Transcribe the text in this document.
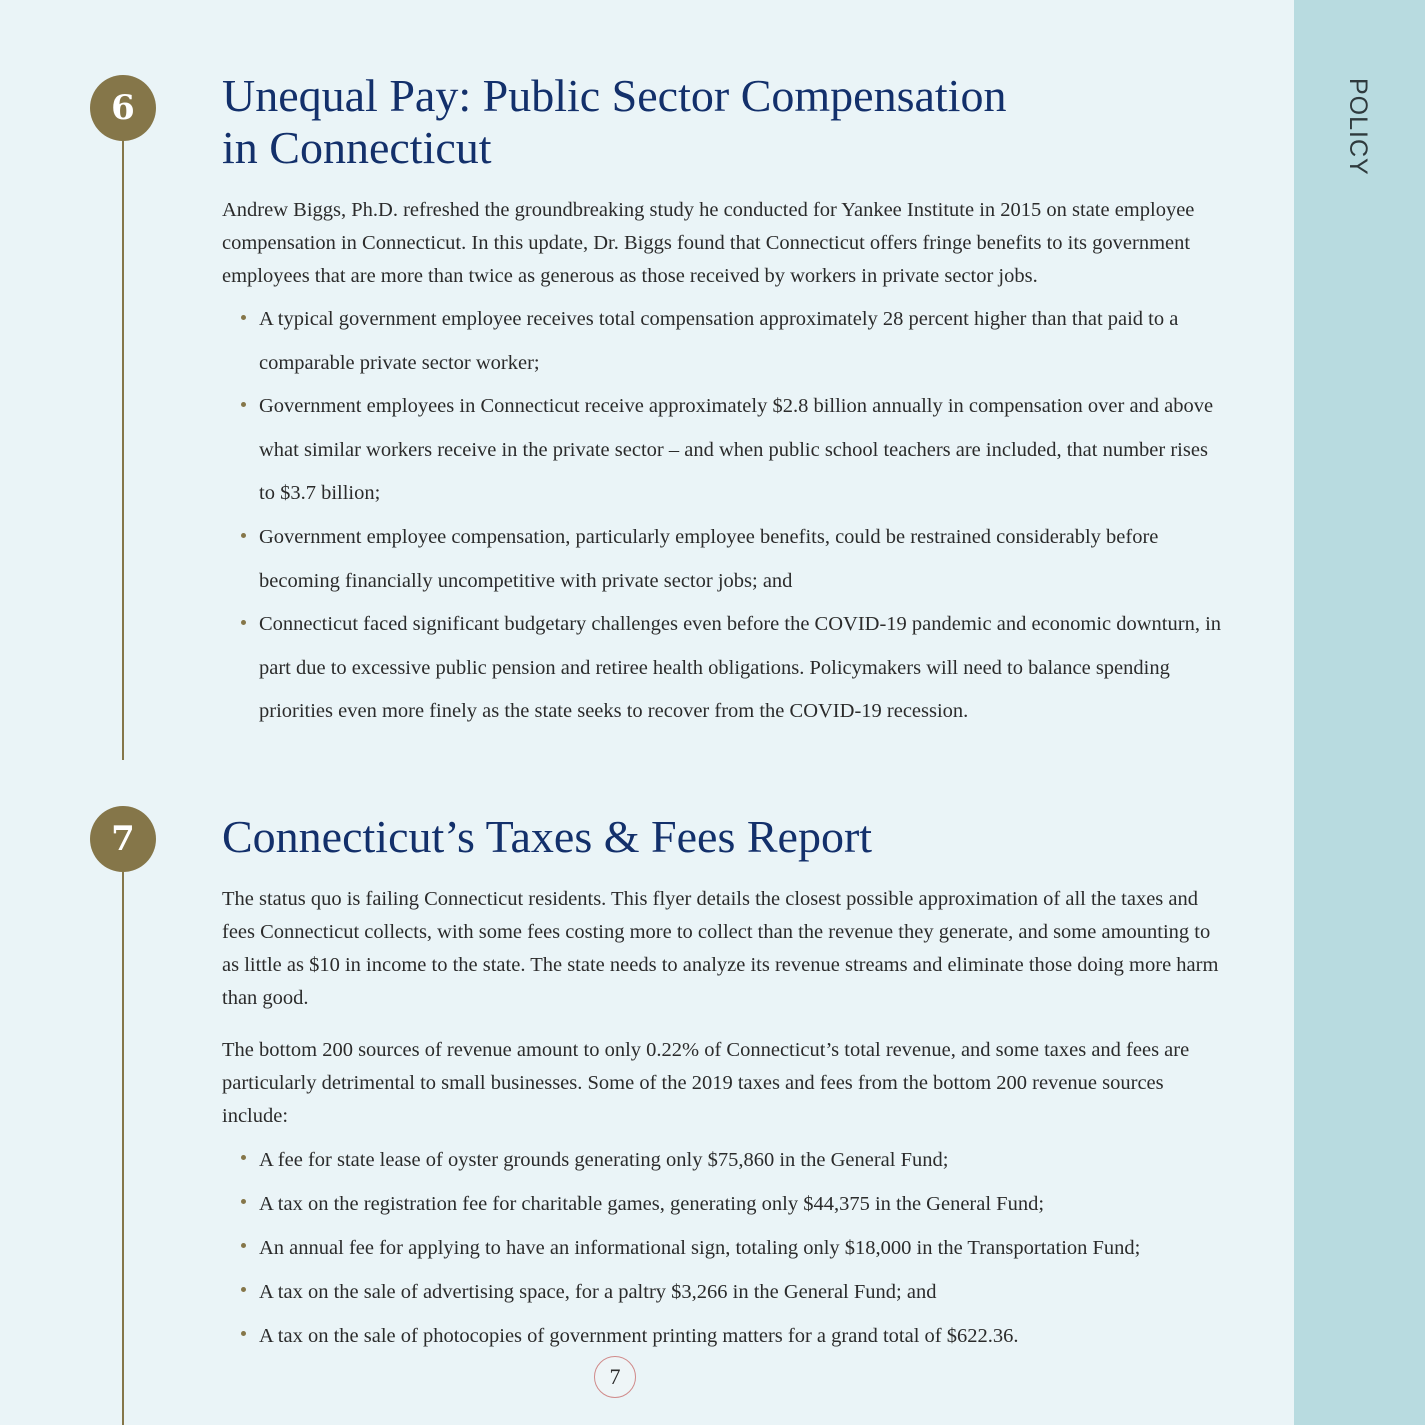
POLICY
6	Unequal Pay: Public Sector Compensation
in Connecticut

Andrew Biggs, Ph.D. refreshed the groundbreaking study he conducted for Yankee Institute in 2015 on state employee compensation in Connecticut. In this update, Dr. Biggs found that Connecticut offers fringe benefits to its government employees that are more than twice as generous as those received by workers in private sector jobs.

A typical government employee receives total compensation approximately 28 percent higher than that paid to a comparable private sector worker;
Government employees in Connecticut receive approximately $2.8 billion annually in compensation over and above what similar workers receive in the private sector – and when public school teachers are included, that number rises to $3.7 billion;
Government employee compensation, particularly employee benefits, could be restrained considerably before becoming financially uncompetitive with private sector jobs; and
Connecticut faced significant budgetary challenges even before the COVID-19 pandemic and economic downturn, in part due to excessive public pension and retiree health obligations. Policymakers will need to balance spending priorities even more finely as the state seeks to recover from the COVID-19 recession.
7	Connecticut’s Taxes & Fees Report

The status quo is failing Connecticut residents. This flyer details the closest possible approximation of all the taxes and fees Connecticut collects, with some fees costing more to collect than the revenue they generate, and some amounting to as little as $10 in income to the state. The state needs to analyze its revenue streams and eliminate those doing more harm than good.

The bottom 200 sources of revenue amount to only 0.22% of Connecticut’s total revenue, and some taxes and fees are particularly detrimental to small businesses. Some of the 2019 taxes and fees from the bottom 200 revenue sources include:

A fee for state lease of oyster grounds generating only $75,860 in the General Fund;
A tax on the registration fee for charitable games, generating only $44,375 in the General Fund;
An annual fee for applying to have an informational sign, totaling only $18,000 in the Transportation Fund;
A tax on the sale of advertising space, for a paltry $3,266 in the General Fund; and
A tax on the sale of photocopies of government printing matters for a grand total of $622.36.
7
